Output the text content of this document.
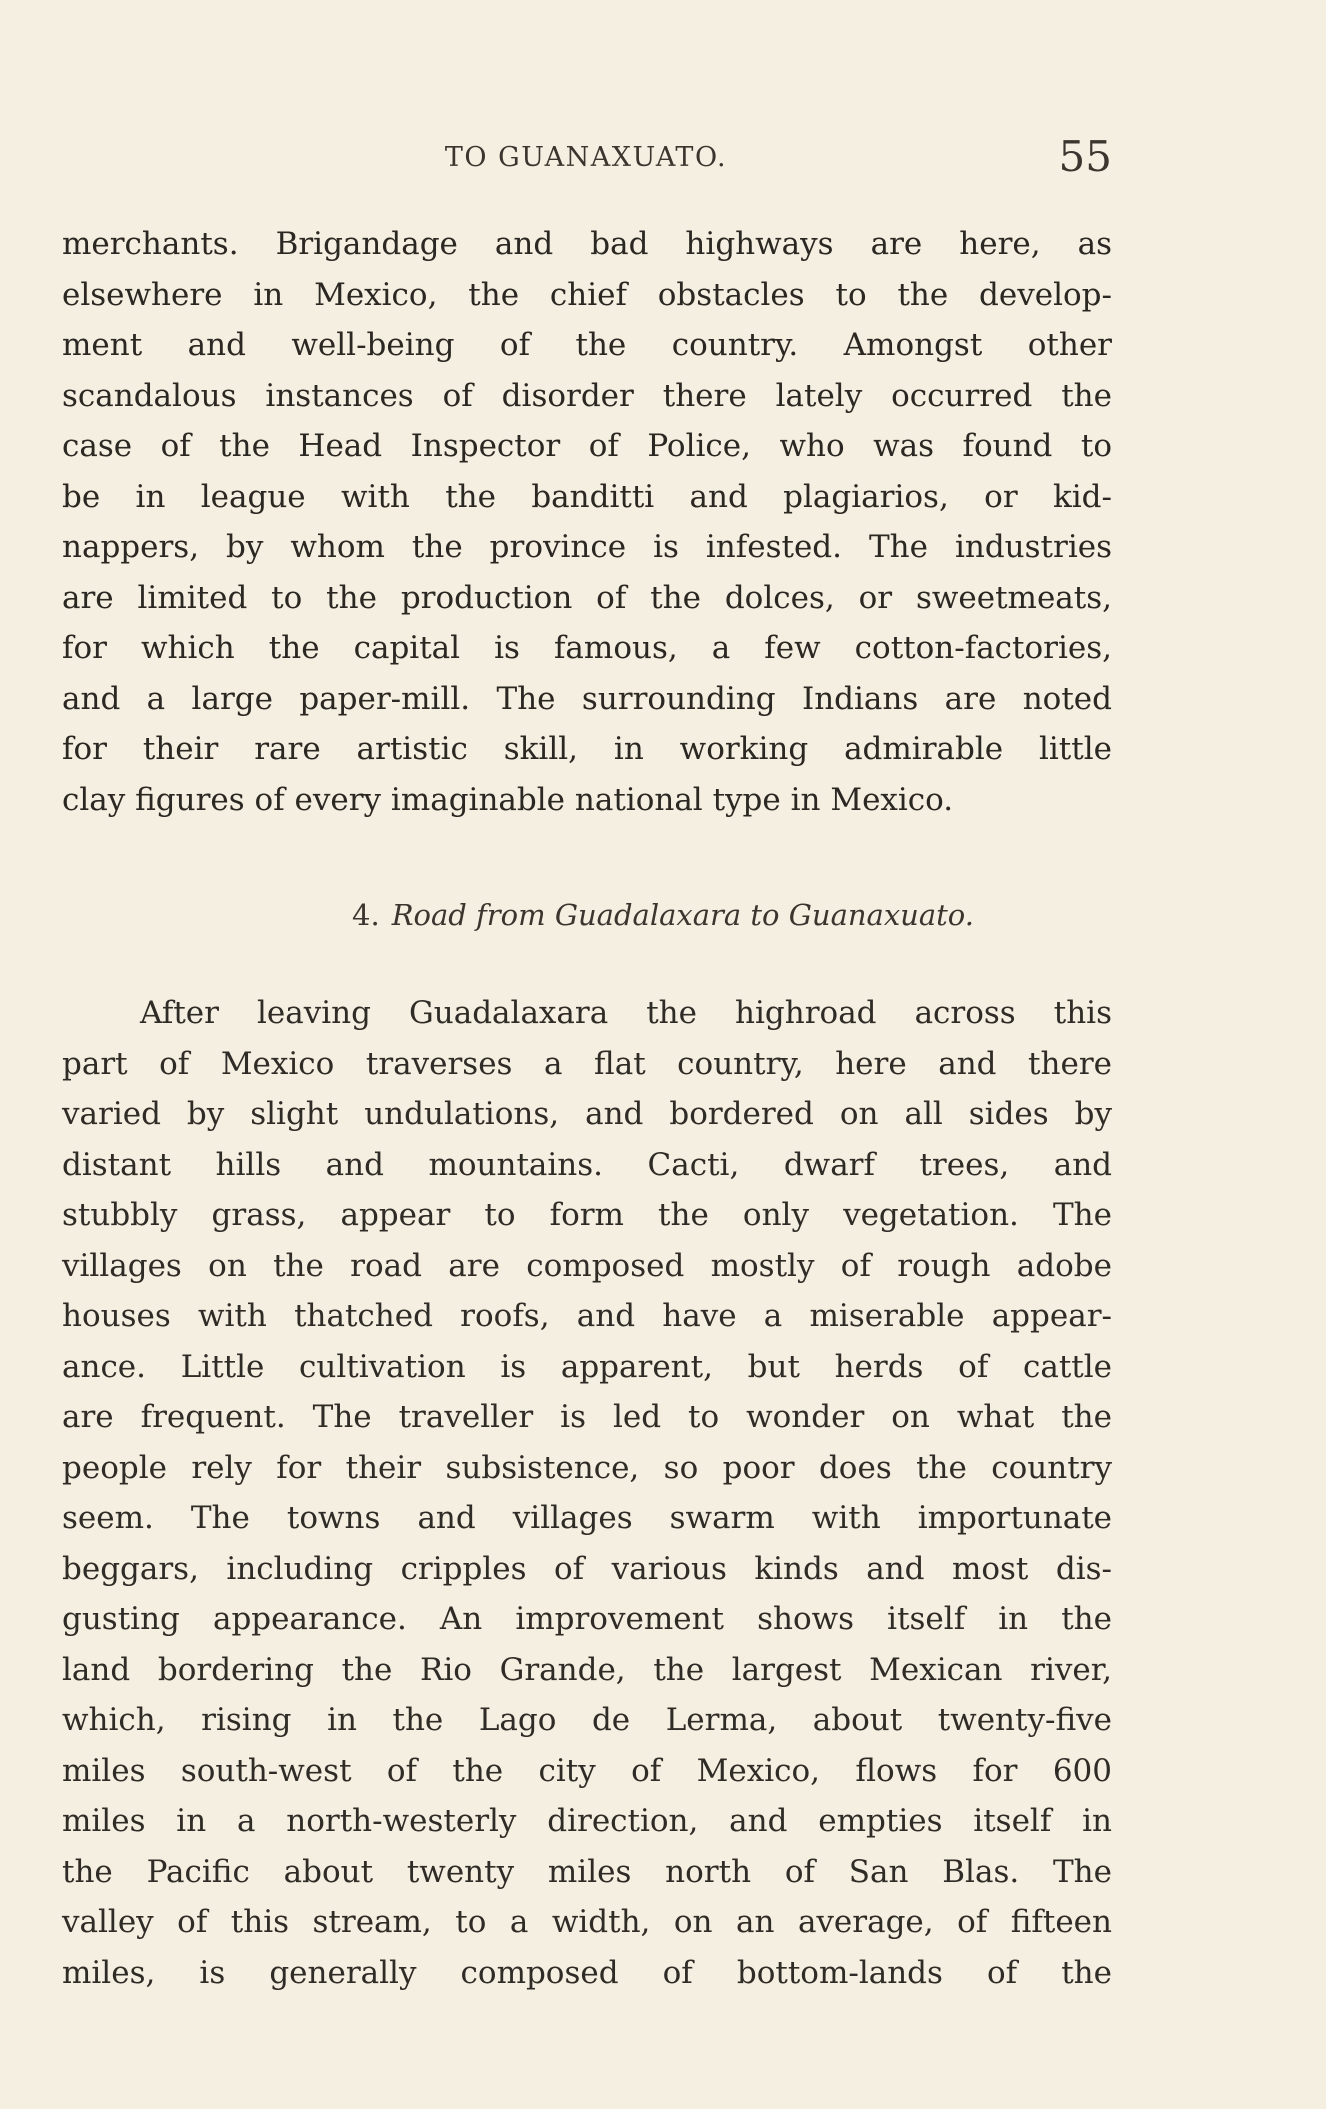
TO GUANAXUATO.	55
merchants. Brigandage and bad highways are here, as
elsewhere in Mexico, the chief obstacles to the develop-
ment and well-being of the country. Amongst other
scandalous instances of disorder there lately occurred the
case of the Head Inspector of Police, who was found to
be in league with the banditti and plagiarios, or kid-
nappers, by whom the province is infested. The industries
are limited to the production of the dolces, or sweetmeats,
for which the capital is famous, a few cotton-factories,
and a large paper-mill. The surrounding Indians are noted
for their rare artistic skill, in working admirable little
clay figures of every imaginable national type in Mexico.
4. Road from Guadalaxara to Guanaxuato.
After leaving Guadalaxara the highroad across this
part of Mexico traverses a flat country, here and there
varied by slight undulations, and bordered on all sides by
distant hills and mountains. Cacti, dwarf trees, and
stubbly grass, appear to form the only vegetation. The
villages on the road are composed mostly of rough adobe
houses with thatched roofs, and have a miserable appear-
ance. Little cultivation is apparent, but herds of cattle
are frequent. The traveller is led to wonder on what the
people rely for their subsistence, so poor does the country
seem. The towns and villages swarm with importunate
beggars, including cripples of various kinds and most dis-
gusting appearance. An improvement shows itself in the
land bordering the Rio Grande, the largest Mexican river,
which, rising in the Lago de Lerma, about twenty-five
miles south-west of the city of Mexico, flows for 600
miles in a north-westerly direction, and empties itself in
the Pacific about twenty miles north of San Blas. The
valley of this stream, to a width, on an average, of fifteen
miles, is generally composed of bottom-lands of the
